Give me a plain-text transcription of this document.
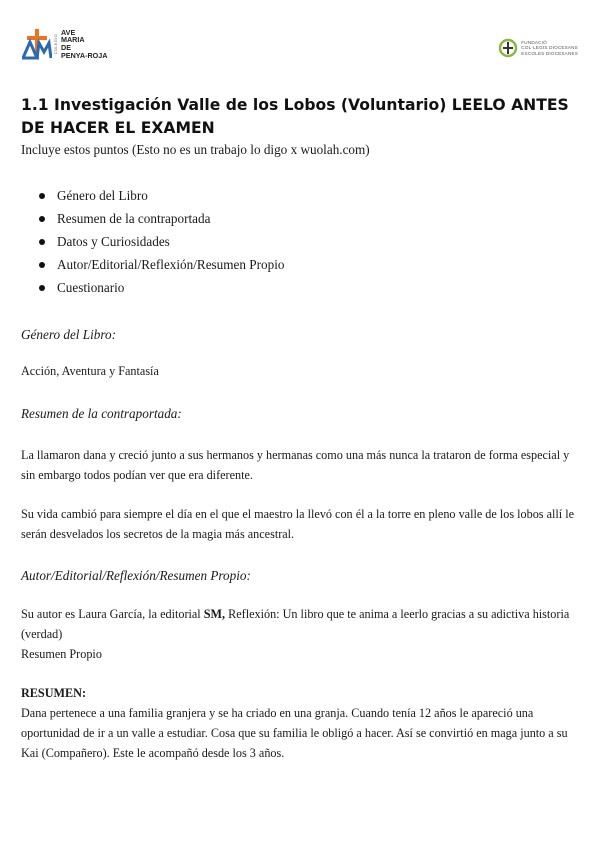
COLEGIO
AVE
MARIA
DE
PENYA-ROJA
FUNDACIÓ
COL·LEGIS DIOCESANS
ESCOLES DIOCESANES
1.1 Investigación Valle de los Lobos (Voluntario) LEELO ANTES DE HACER EL EXAMEN

Incluye estos puntos (Esto no es un trabajo lo digo x wuolah.com)

Género del Libro
Resumen de la contraportada
Datos y Curiosidades
Autor/Editorial/Reflexión/Resumen Propio
Cuestionario

Género del Libro:

Acción, Aventura y Fantasía

Resumen de la contraportada:

La llamaron dana y creció junto a sus hermanos y hermanas como una más nunca la trataron de forma especial y sin embargo todos podían ver que era diferente.

Su vida cambió para siempre el día en el que el maestro la llevó con él a la torre en pleno valle de los lobos allí le serán desvelados los secretos de la magia más ancestral.

Autor/Editorial/Reflexión/Resumen Propio:

Su autor es Laura García, la editorial SM, Reflexión: Un libro que te anima a leerlo gracias a su adictiva historia (verdad)

Resumen Propio

RESUMEN:

Dana pertenece a una familia granjera y se ha criado en una granja. Cuando tenía 12 años le apareció una oportunidad de ir a un valle a estudiar. Cosa que su familia le obligó a hacer. Así se convirtió en maga junto a su Kai (Compañero). Este le acompañó desde los 3 años.
